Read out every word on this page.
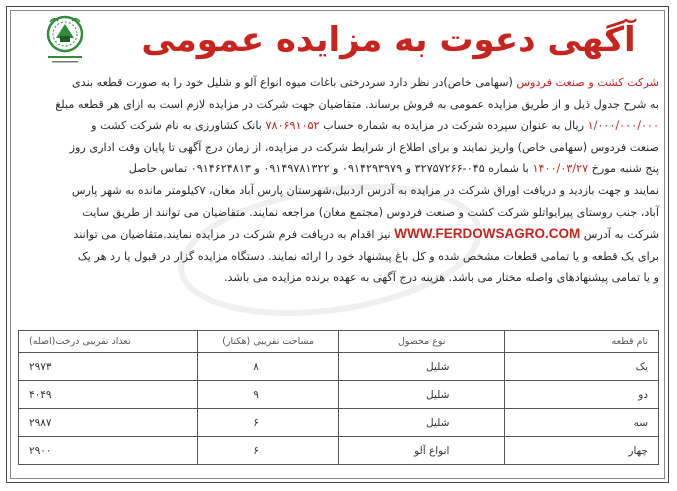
آگهی دعوت به مزایده عمومی

شرکت کشت و صنعت فردوس (سهامی خاص)در نظر دارد سردرختی باغات میوه انواع آلو و شلیل خود را به صورت قطعه بندی

به شرح جدول ذیل و از طریق مزایده عمومی به فروش برساند. متقاضیان جهت شرکت در مزایده لازم است به ازای هر قطعه مبلغ

۱/۰۰۰/۰۰۰/۰۰۰ ریال به عنوان سپرده شرکت در مزایده به شماره حساب ۷۸۰۶۹۱۰۵۲ بانک کشاورزی به نام شرکت کشت و

صنعت فردوس (سهامی خاص) واریز نمایند و برای اطلاع از شرایط شرکت در مزایده، از زمان درج آگهی تا پایان وقت اداری روز

پنج شنبه مورخ ۱۴۰۰/۰۳/۲۷ با شماره ۰۴۵-۳۲۷۵۷۲۶۶ و ۰۹۱۴۲۹۳۹۷۹ و ۰۹۱۴۹۷۸۱۳۲۲ و ۰۹۱۴۶۲۴۸۱۳ تماس حاصل

نمایند و جهت بازدید و دریافت اوراق شرکت در مزایده به آدرس اردبیل،شهرستان پارس آباد مغان، ۷کیلومتر مانده به شهر پارس

آباد، جنب روستای پیرایواتلو شرکت کشت و صنعت فردوس (مجتمع مغان) مراجعه نمایند. متقاضیان می توانند از طریق سایت

شرکت به آدرس WWW.FERDOWSAGRO.COM نیز اقدام به دریافت فرم شرکت در مزایده نمایند.متقاضیان می توانند

برای یک قطعه و یا تمامی قطعات مشخص شده و کل باغ پیشنهاد خود را ارائه نمایند. دستگاه مزایده گزار در قبول یا رد هر یک

و یا تمامی پیشنهادهای واصله مختار می باشد. هزینه درج آگهی به عهده برنده مزایده می باشد.

نام قطعه	نوع محصول	مساحت تقریبی (هکتار)	تعداد تقریبی درخت(اصله)
یک	شلیل	۸	۲۹۷۳
دو	شلیل	۹	۴۰۴۹
سه	شلیل	۶	۲۹۸۷
چهار	انواع آلو	۶	۲۹۰۰
